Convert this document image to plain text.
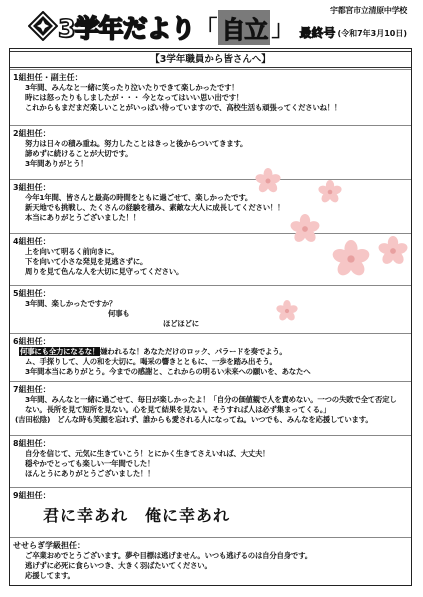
宇都宮市立清原中学校
3学年だより 「 自立 」 最終号 (令和7年3月10日)
【3学年職員から皆さんへ】
1組担任・副主任：
3年間、みんなと一緒に笑ったり泣いたりできて楽しかったです！
時には怒ったりもしましたが・・・ 今となってはいい思い出です！
これからもまだまだ楽しいことがいっぱい待っていますので、高校生活も頑張ってくださいね！！
2組担任：
努力は日々の積み重ね。努力したことはきっと後からついてきます。
諦めずに続けることが大切です。
3年間ありがとう！
3組担任：
今年1年間、皆さんと最高の時間をともに過ごせて、楽しかったです。
新天地でも挑戦し、たくさんの経験を積み、素敵な大人に成長してください！！
本当にありがとうございました！！
4組担任：
上を向いて明るく前向きに。
下を向いて小さな発見を見逃さずに。
周りを見て色んな人を大切に見守ってください。
5組担任：
3年間、楽しかったですか？
何事も
ほどほどに
6組担任：
何事にも全力になるな！嫌われるな！あなただけのロック、パラードを奏でよう。
ム、手探りして、人の和を大切に。喝采の響きとともに、一歩を踏み出そう。
3年間本当にありがとう。今までの感謝と、これからの明るい未来への願いを、あなたへ
7組担任：
3年間、みんなと一緒に過ごせて、毎日が楽しかったよ！「自分の価値観で人を責めない。一つの失敗で全て否定しない。長所を見て短所を見ない。心を見て結果を見ない。そうすれば人は必ず集まってくる。」
(吉田松陰)　どんな時も笑顔を忘れず、誰からも愛される人になってね。いつでも、みんなを応援しています。
8組担任：
自分を信じて、元気に生きていこう！とにかく生きてさえいれば、大丈夫！
穏やかでとっても楽しい一年間でした！
ほんとうにありがとうございました！！
9組担任：
君に幸あれ　俺に幸あれ
せせらぎ学級担任：
ご卒業おめでとうございます。夢や目標は逃げません。いつも逃げるのは自分自身です。
逃げずに必死に食らいつき、大きく羽ばたいてください。
応援してます。
